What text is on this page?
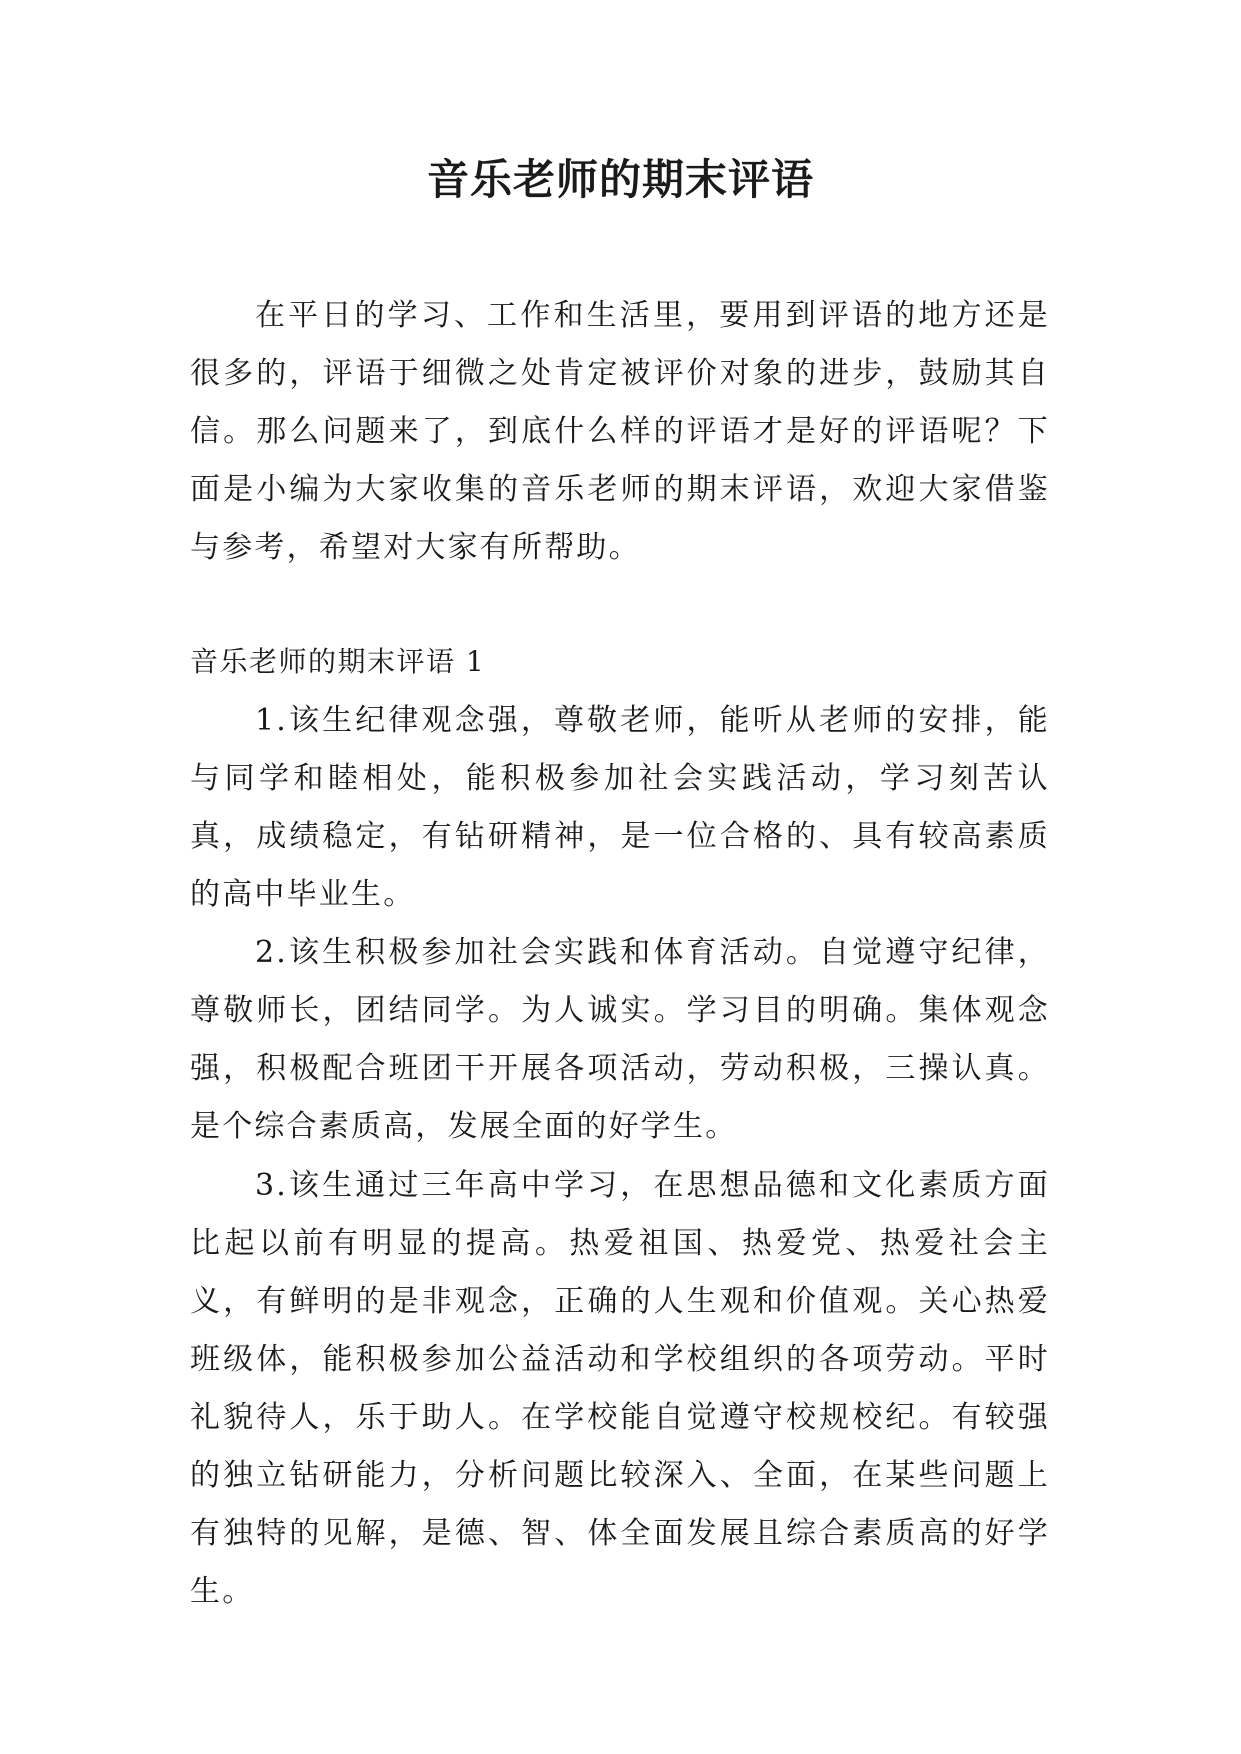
音乐老师的期末评语

在平日的学习、工作和生活里，要用到评语的地方还是很多的，评语于细微之处肯定被评价对象的进步，鼓励其自信。那么问题来了，到底什么样的评语才是好的评语呢？下面是小编为大家收集的音乐老师的期末评语，欢迎大家借鉴与参考，希望对大家有所帮助。

音乐老师的期末评语 1

1.该生纪律观念强，尊敬老师，能听从老师的安排，能与同学和睦相处，能积极参加社会实践活动，学习刻苦认真，成绩稳定，有钻研精神，是一位合格的、具有较高素质的高中毕业生。

2.该生积极参加社会实践和体育活动。自觉遵守纪律，尊敬师长，团结同学。为人诚实。学习目的明确。集体观念强，积极配合班团干开展各项活动，劳动积极，三操认真。是个综合素质高，发展全面的好学生。

3.该生通过三年高中学习，在思想品德和文化素质方面比起以前有明显的提高。热爱祖国、热爱党、热爱社会主义，有鲜明的是非观念，正确的人生观和价值观。关心热爱班级体，能积极参加公益活动和学校组织的各项劳动。平时礼貌待人，乐于助人。在学校能自觉遵守校规校纪。有较强的独立钻研能力，分析问题比较深入、全面，在某些问题上有独特的见解，是德、智、体全面发展且综合素质高的好学生。
